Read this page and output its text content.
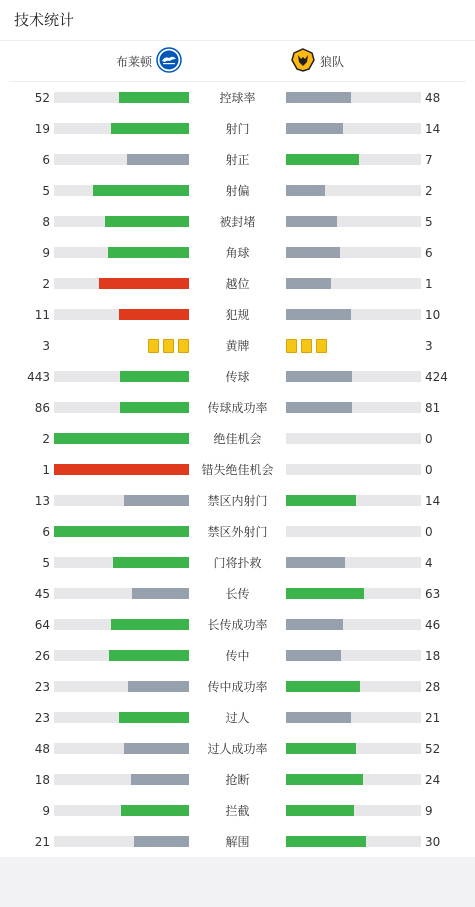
技术统计
布莱顿	狼队
52	控球率	48
19	射门	14
6	射正	7
5	射偏	2
8	被封堵	5
9	角球	6
2	越位	1
11	犯规	10
3	黄牌	3
443	传球	424
86	传球成功率	81
2	绝佳机会	0
1	错失绝佳机会	0
13	禁区内射门	14
6	禁区外射门	0
5	门将扑救	4
45	长传	63
64	长传成功率	46
26	传中	18
23	传中成功率	28
23	过人	21
48	过人成功率	52
18	抢断	24
9	拦截	9
21	解围	30
